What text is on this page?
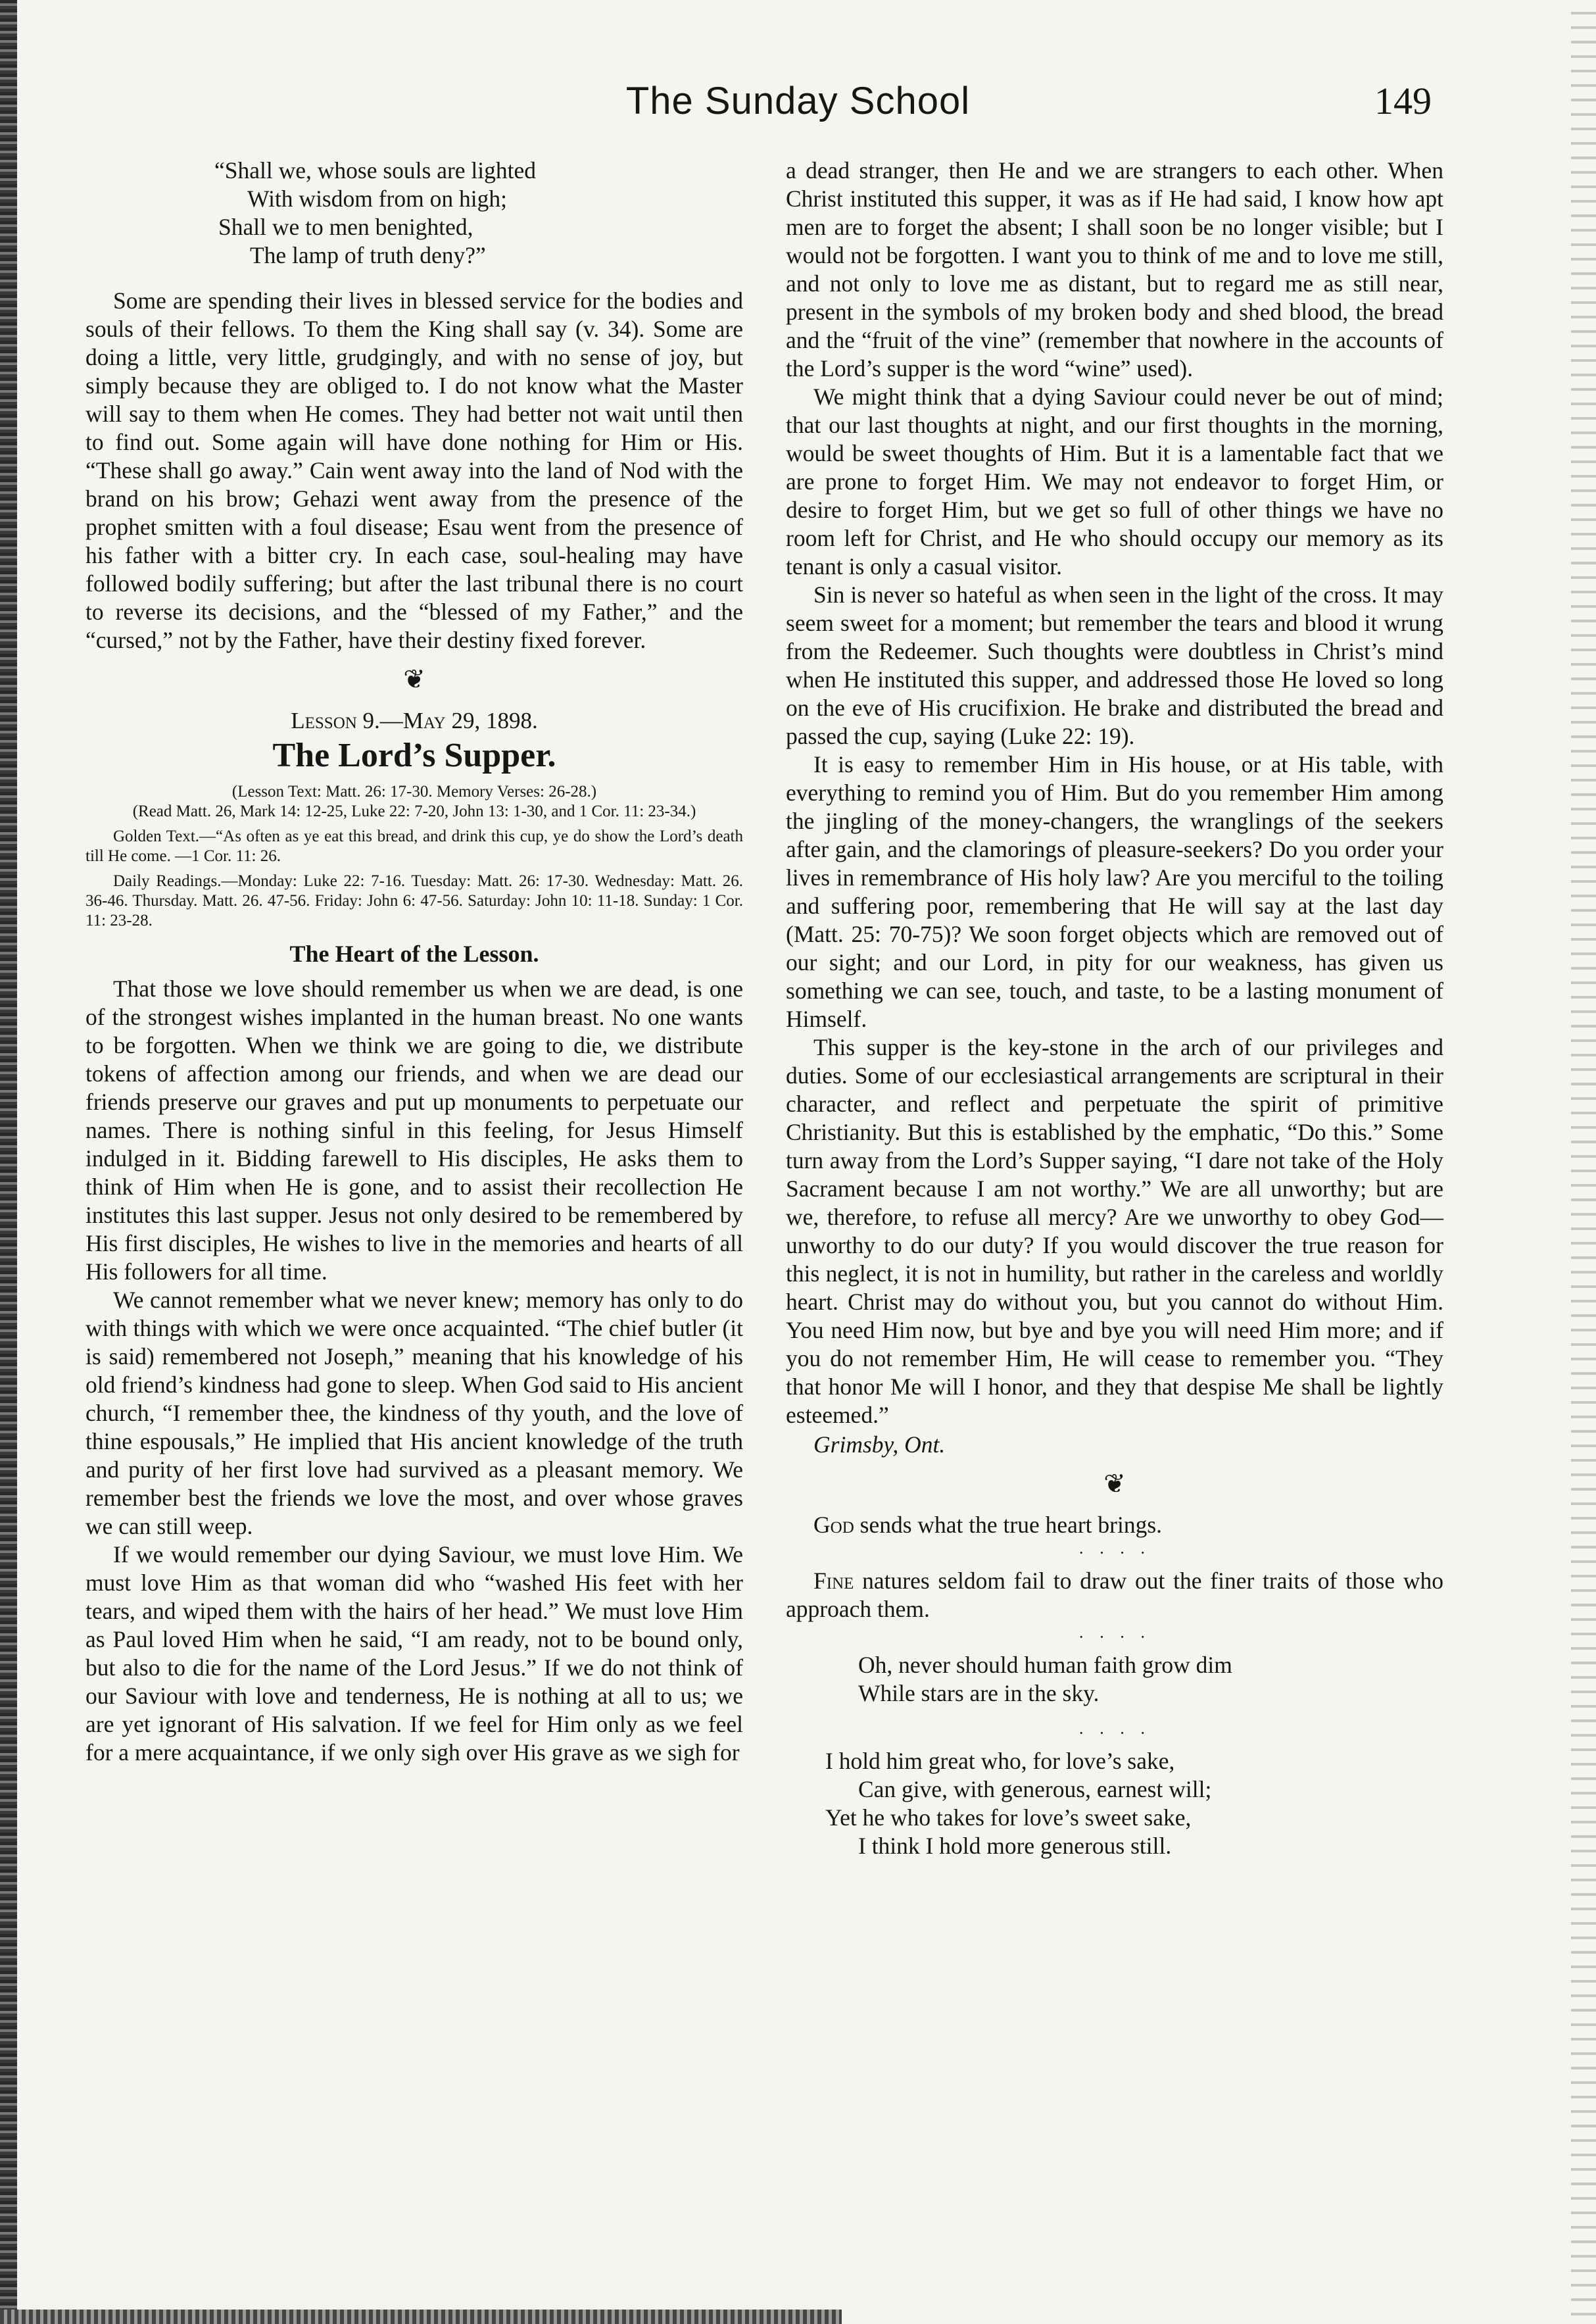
The Sunday School	149
“Shall we, whose souls are lighted
With wisdom from on high;
Shall we to men benighted,
The lamp of truth deny?”

Some are spending their lives in blessed service for the bodies and souls of their fellows. To them the King shall say (v. 34). Some are doing a little, very little, grudgingly, and with no sense of joy, but simply because they are obliged to. I do not know what the Master will say to them when He comes. They had better not wait until then to find out. Some again will have done nothing for Him or His. “These shall go away.” Cain went away into the land of Nod with the brand on his brow; Gehazi went away from the presence of the prophet smitten with a foul disease; Esau went from the presence of his father with a bitter cry. In each case, soul-healing may have followed bodily suffering; but after the last tribunal there is no court to reverse its decisions, and the “blessed of my Father,” and the “cursed,” not by the Father, have their destiny fixed forever.

❦
Lesson 9.—May 29, 1898.
The Lord’s Supper.
(Lesson Text: Matt. 26: 17-30. Memory Verses: 26-28.)
(Read Matt. 26, Mark 14: 12-25, Luke 22: 7-20, John 13: 1-30, and 1 Cor. 11: 23-34.)
Golden Text.—“As often as ye eat this bread, and drink this cup, ye do show the Lord’s death till He come. —1 Cor. 11: 26.
Daily Readings.—Monday: Luke 22: 7-16. Tuesday: Matt. 26: 17-30. Wednesday: Matt. 26. 36-46. Thursday. Matt. 26. 47-56. Friday: John 6: 47-56. Saturday: John 10: 11-18. Sunday: 1 Cor. 11: 23-28.
The Heart of the Lesson.

That those we love should remember us when we are dead, is one of the strongest wishes implanted in the human breast. No one wants to be forgotten. When we think we are going to die, we distribute tokens of affection among our friends, and when we are dead our friends preserve our graves and put up monuments to perpetuate our names. There is nothing sinful in this feeling, for Jesus Himself indulged in it. Bidding farewell to His disciples, He asks them to think of Him when He is gone, and to assist their recollection He institutes this last supper. Jesus not only desired to be remembered by His first disciples, He wishes to live in the memories and hearts of all His followers for all time.

We cannot remember what we never knew; memory has only to do with things with which we were once acquainted. “The chief butler (it is said) remembered not Joseph,” meaning that his knowledge of his old friend’s kindness had gone to sleep. When God said to His ancient church, “I remember thee, the kindness of thy youth, and the love of thine espousals,” He implied that His ancient knowledge of the truth and purity of her first love had survived as a pleasant memory. We remember best the friends we love the most, and over whose graves we can still weep.

If we would remember our dying Saviour, we must love Him. We must love Him as that woman did who “washed His feet with her tears, and wiped them with the hairs of her head.” We must love Him as Paul loved Him when he said, “I am ready, not to be bound only, but also to die for the name of the Lord Jesus.” If we do not think of our Saviour with love and tenderness, He is nothing at all to us; we are yet ignorant of His salvation. If we feel for Him only as we feel for a mere acquaintance, if we only sigh over His grave as we sigh for

a dead stranger, then He and we are strangers to each other. When Christ instituted this supper, it was as if He had said, I know how apt men are to forget the absent; I shall soon be no longer visible; but I would not be forgotten. I want you to think of me and to love me still, and not only to love me as distant, but to regard me as still near, present in the symbols of my broken body and shed blood, the bread and the “fruit of the vine” (remember that nowhere in the accounts of the Lord’s supper is the word “wine” used).

We might think that a dying Saviour could never be out of mind; that our last thoughts at night, and our first thoughts in the morning, would be sweet thoughts of Him. But it is a lamentable fact that we are prone to forget Him. We may not endeavor to forget Him, or desire to forget Him, but we get so full of other things we have no room left for Christ, and He who should occupy our memory as its tenant is only a casual visitor.

Sin is never so hateful as when seen in the light of the cross. It may seem sweet for a moment; but remember the tears and blood it wrung from the Redeemer. Such thoughts were doubtless in Christ’s mind when He instituted this supper, and addressed those He loved so long on the eve of His crucifixion. He brake and distributed the bread and passed the cup, saying (Luke 22: 19).

It is easy to remember Him in His house, or at His table, with everything to remind you of Him. But do you remember Him among the jingling of the money-changers, the wranglings of the seekers after gain, and the clamorings of pleasure-seekers? Do you order your lives in remembrance of His holy law? Are you merciful to the toiling and suffering poor, remembering that He will say at the last day (Matt. 25: 70-75)? We soon forget objects which are removed out of our sight; and our Lord, in pity for our weakness, has given us something we can see, touch, and taste, to be a lasting monument of Himself.

This supper is the key-stone in the arch of our privileges and duties. Some of our ecclesiastical arrangements are scriptural in their character, and reflect and perpetuate the spirit of primitive Christianity. But this is established by the emphatic, “Do this.” Some turn away from the Lord’s Supper saying, “I dare not take of the Holy Sacrament because I am not worthy.” We are all unworthy; but are we, therefore, to refuse all mercy? Are we unworthy to obey God—unworthy to do our duty? If you would discover the true reason for this neglect, it is not in humility, but rather in the careless and worldly heart. Christ may do without you, but you cannot do without Him. You need Him now, but bye and bye you will need Him more; and if you do not remember Him, He will cease to remember you. “They that honor Me will I honor, and they that despise Me shall be lightly esteemed.”

Grimsby, Ont.
❦
God sends what the true heart brings.
· · · ·
Fine natures seldom fail to draw out the finer traits of those who approach them.
· · · ·
Oh, never should human faith grow dim
While stars are in the sky.
· · · ·
I hold him great who, for love’s sake,
Can give, with generous, earnest will;
Yet he who takes for love’s sweet sake,
I think I hold more generous still.
